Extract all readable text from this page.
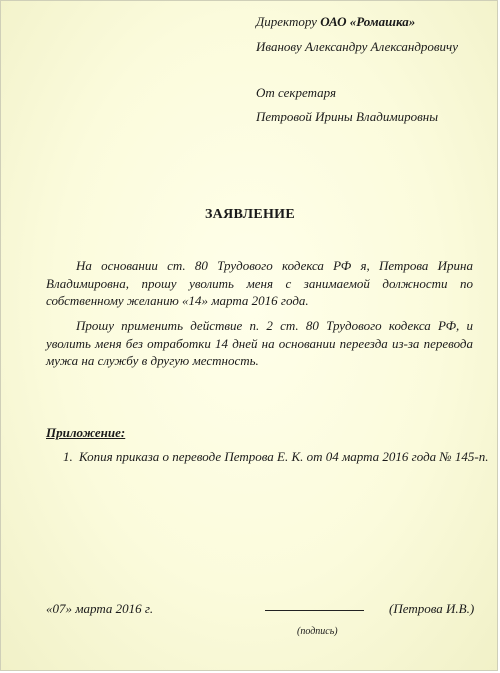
Директору ОАО «Ромашка»
Иванову Александру Александровичу
От секретаря
Петровой Ирины Владимировны
ЗАЯВЛЕНИЕ

На основании ст. 80 Трудового кодекса РФ я, Петрова Ирина Владимировна, прошу уволить меня с занимаемой должности по собственному желанию «14» марта 2016 года.

Прошу применить действие п. 2 ст. 80 Трудового кодекса РФ, и уволить меня без отработки 14 дней на основании переезда из-за перевода мужа на службу в другую местность.

Приложение:
1. Копия приказа о переводе Петрова Е. К. от 04 марта 2016 года № 145-п.
«07» марта 2016 г.	(Петрова И.В.)
(подпись)
